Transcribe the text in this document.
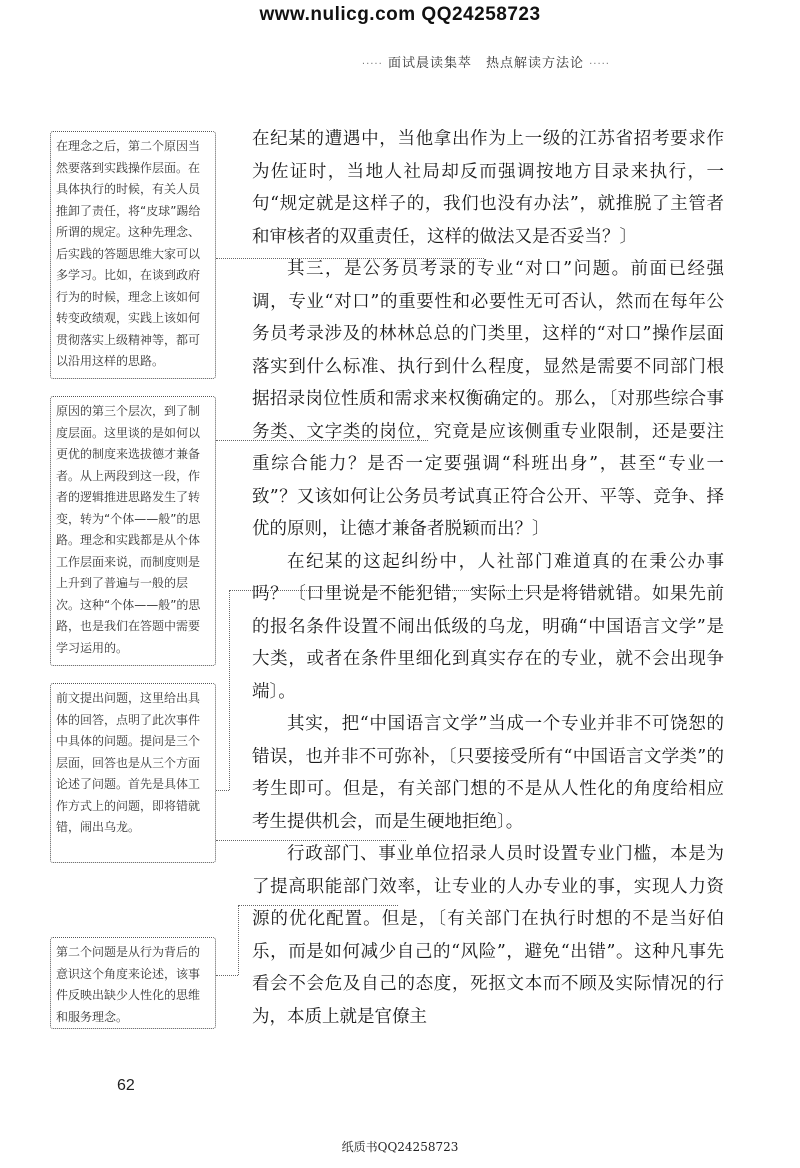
www.nulicg.com QQ24258723
····· 面试晨读集萃　热点解读方法论 ·····
在理念之后，第二个原因当然要落到实践操作层面。在具体执行的时候，有关人员推卸了责任，将“皮球”踢给所谓的规定。这种先理念、后实践的答题思维大家可以多学习。比如，在谈到政府行为的时候，理念上该如何转变政绩观，实践上该如何贯彻落实上级精神等，都可以沿用这样的思路。
原因的第三个层次，到了制度层面。这里谈的是如何以更优的制度来选拔德才兼备者。从上两段到这一段，作者的逻辑推进思路发生了转变，转为“个体——般”的思路。理念和实践都是从个体工作层面来说，而制度则是上升到了普遍与一般的层次。这种“个体——般”的思路，也是我们在答题中需要学习运用的。
前文提出问题，这里给出具体的回答，点明了此次事件中具体的问题。提问是三个层面，回答也是从三个方面论述了问题。首先是具体工作方式上的问题，即将错就错，闹出乌龙。
第二个问题是从行为背后的意识这个角度来论述，该事件反映出缺少人性化的思维和服务理念。

在纪某的遭遇中，当他拿出作为上一级的江苏省招考要求作为佐证时，当地人社局却反而强调按地方目录来执行，一句“规定就是这样子的，我们也没有办法”，就推脱了主管者和审核者的双重责任，这样的做法又是否妥当？〕

其三，是公务员考录的专业“对口”问题。前面已经强调，专业“对口”的重要性和必要性无可否认，然而在每年公务员考录涉及的林林总总的门类里，这样的“对口”操作层面落实到什么标准、执行到什么程度，显然是需要不同部门根据招录岗位性质和需求来权衡确定的。那么，〔对那些综合事务类、文字类的岗位，究竟是应该侧重专业限制，还是要注重综合能力？是否一定要强调“科班出身”，甚至“专业一致”？又该如何让公务员考试真正符合公开、平等、竞争、择优的原则，让德才兼备者脱颖而出？〕

在纪某的这起纠纷中，人社部门难道真的在秉公办事吗？〔口里说是不能犯错，实际上只是将错就错。如果先前的报名条件设置不闹出低级的乌龙，明确“中国语言文学”是大类，或者在条件里细化到真实存在的专业，就不会出现争端〕。

其实，把“中国语言文学”当成一个专业并非不可饶恕的错误，也并非不可弥补，〔只要接受所有“中国语言文学类”的考生即可。但是，有关部门想的不是从人性化的角度给相应考生提供机会，而是生硬地拒绝〕。

行政部门、事业单位招录人员时设置专业门槛，本是为了提高职能部门效率，让专业的人办专业的事，实现人力资源的优化配置。但是，〔有关部门在执行时想的不是当好伯乐，而是如何减少自己的“风险”，避免“出错”。这种凡事先看会不会危及自己的态度，死抠文本而不顾及实际情况的行为，本质上就是官僚主

62
纸质书QQ24258723
